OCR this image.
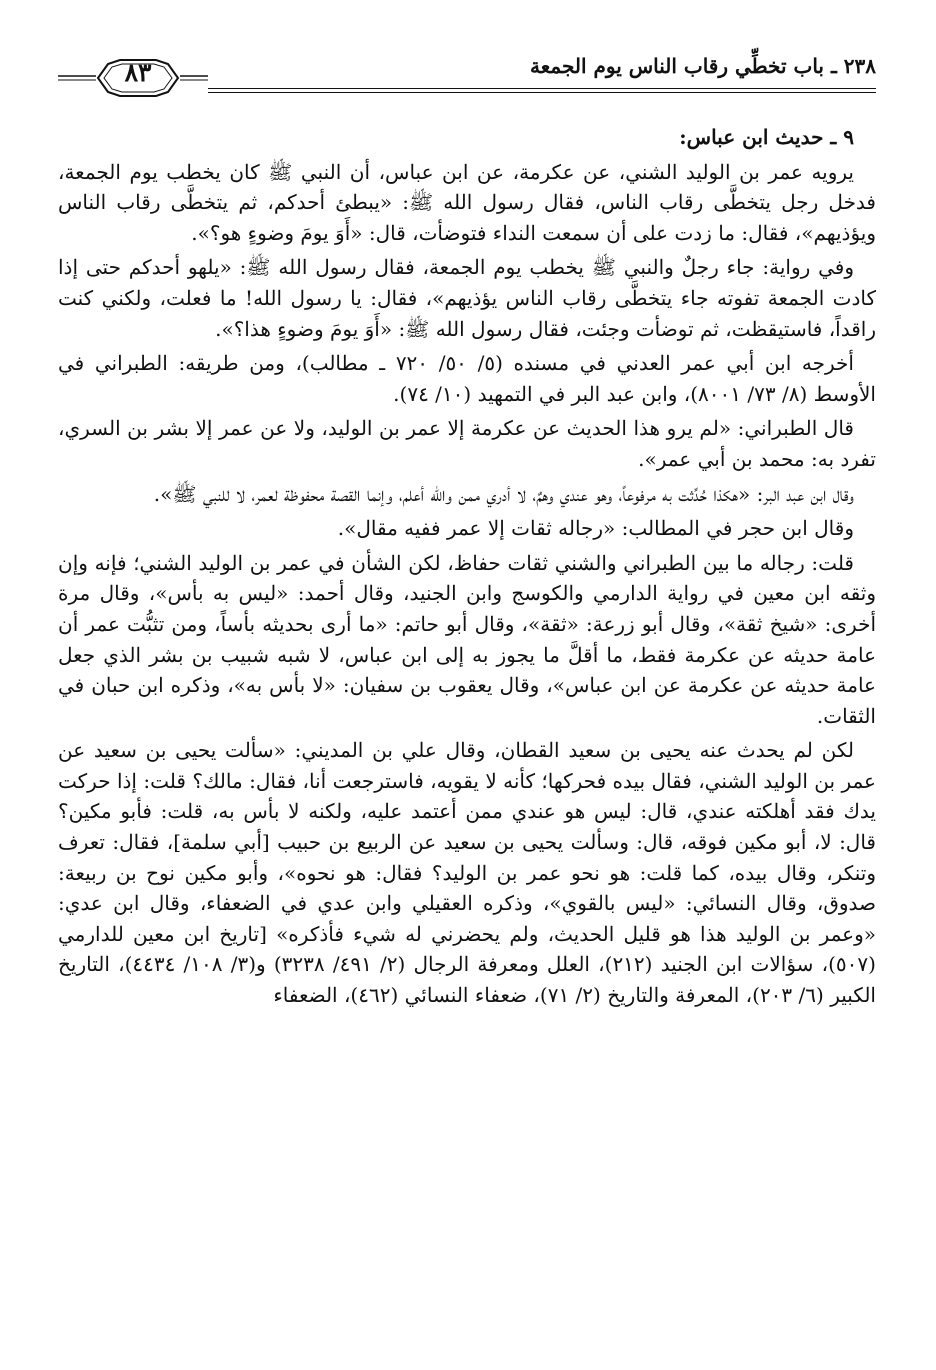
٢٣٨ ـ باب تخطِّي رقاب الناس يوم الجمعة
٨٣
٩ ـ حديث ابن عباس:

يرويه عمر بن الوليد الشني، عن عكرمة، عن ابن عباس، أن النبي ﷺ كان يخطب يوم الجمعة، فدخل رجل يتخطَّى رقاب الناس، فقال رسول الله ﷺ: «يبطئ أحدكم، ثم يتخطَّى رقاب الناس ويؤذيهم»، فقال: ما زدت على أن سمعت النداء فتوضأت، قال: «أَوَ يومَ وضوءٍ هو؟».

وفي رواية: جاء رجلٌ والنبي ﷺ يخطب يوم الجمعة، فقال رسول الله ﷺ: «يلهو أحدكم حتى إذا كادت الجمعة تفوته جاء يتخطَّى رقاب الناس يؤذيهم»، فقال: يا رسول الله! ما فعلت، ولكني كنت راقداً، فاستيقظت، ثم توضأت وجئت، فقال رسول الله ﷺ: «أَوَ يومَ وضوءٍ هذا؟».

أخرجه ابن أبي عمر العدني في مسنده (٥/ ٥٠/ ٧٢٠ ـ مطالب)، ومن طريقه: الطبراني في الأوسط (٨/ ٧٣/ ٨٠٠١)، وابن عبد البر في التمهيد (١٠/ ٧٤).

قال الطبراني: «لم يرو هذا الحديث عن عكرمة إلا عمر بن الوليد، ولا عن عمر إلا بشر بن السري، تفرد به: محمد بن أبي عمر».

وقال ابن عبد البر: «هكذا حُدِّثت به مرفوعاً، وهو عندي وهمٌ، لا أدري ممن والله أعلم، وإنما القصة محفوظة لعمر، لا للنبي ﷺ».

وقال ابن حجر في المطالب: «رجاله ثقات إلا عمر ففيه مقال».

قلت: رجاله ما بين الطبراني والشني ثقات حفاظ، لكن الشأن في عمر بن الوليد الشني؛ فإنه وإن وثقه ابن معين في رواية الدارمي والكوسج وابن الجنيد، وقال أحمد: «ليس به بأس»، وقال مرة أخرى: «شيخ ثقة»، وقال أبو زرعة: «ثقة»، وقال أبو حاتم: «ما أرى بحديثه بأساً، ومن تثبُّت عمر أن عامة حديثه عن عكرمة فقط، ما أقلَّ ما يجوز به إلى ابن عباس، لا شبه شبيب بن بشر الذي جعل عامة حديثه عن عكرمة عن ابن عباس»، وقال يعقوب بن سفيان: «لا بأس به»، وذكره ابن حبان في الثقات.

لكن لم يحدث عنه يحيى بن سعيد القطان، وقال علي بن المديني: «سألت يحيى بن سعيد عن عمر بن الوليد الشني، فقال بيده فحركها؛ كأنه لا يقويه، فاسترجعت أنا، فقال: مالك؟ قلت: إذا حركت يدك فقد أهلكته عندي، قال: ليس هو عندي ممن أعتمد عليه، ولكنه لا بأس به، قلت: فأبو مكين؟ قال: لا، أبو مكين فوقه، قال: وسألت يحيى بن سعيد عن الربيع بن حبيب [أبي سلمة]، فقال: تعرف وتنكر، وقال بيده، كما قلت: هو نحو عمر بن الوليد؟ فقال: هو نحوه»، وأبو مكين نوح بن ربيعة: صدوق، وقال النسائي: «ليس بالقوي»، وذكره العقيلي وابن عدي في الضعفاء، وقال ابن عدي: «وعمر بن الوليد هذا هو قليل الحديث، ولم يحضرني له شيء فأذكره» [تاريخ ابن معين للدارمي (٥٠٧)، سؤالات ابن الجنيد (٢١٢)، العلل ومعرفة الرجال (٢/ ٤٩١/ ٣٢٣٨) و(٣/ ١٠٨/ ٤٤٣٤)، التاريخ الكبير (٦/ ٢٠٣)، المعرفة والتاريخ (٢/ ٧١)، ضعفاء النسائي (٤٦٢)، الضعفاء
